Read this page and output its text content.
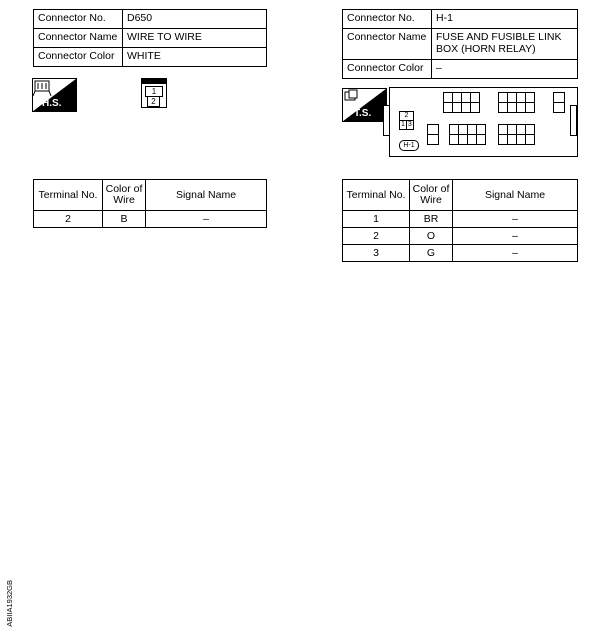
Connector No.	D650
Connector Name	WIRE TO WIRE
Connector Color	WHITE
H.S.
1
2
Terminal No.	Color of Wire	Signal Name
2	B	–
Connector No.	H-1
Connector Name	FUSE AND FUSIBLE LINK BOX (HORN RELAY)
Connector Color	–
T.S.	2
1	3
H-1
Terminal No.	Color of Wire	Signal Name
1	BR	–
2	O	–
3	G	–
ABIIA1932GB
